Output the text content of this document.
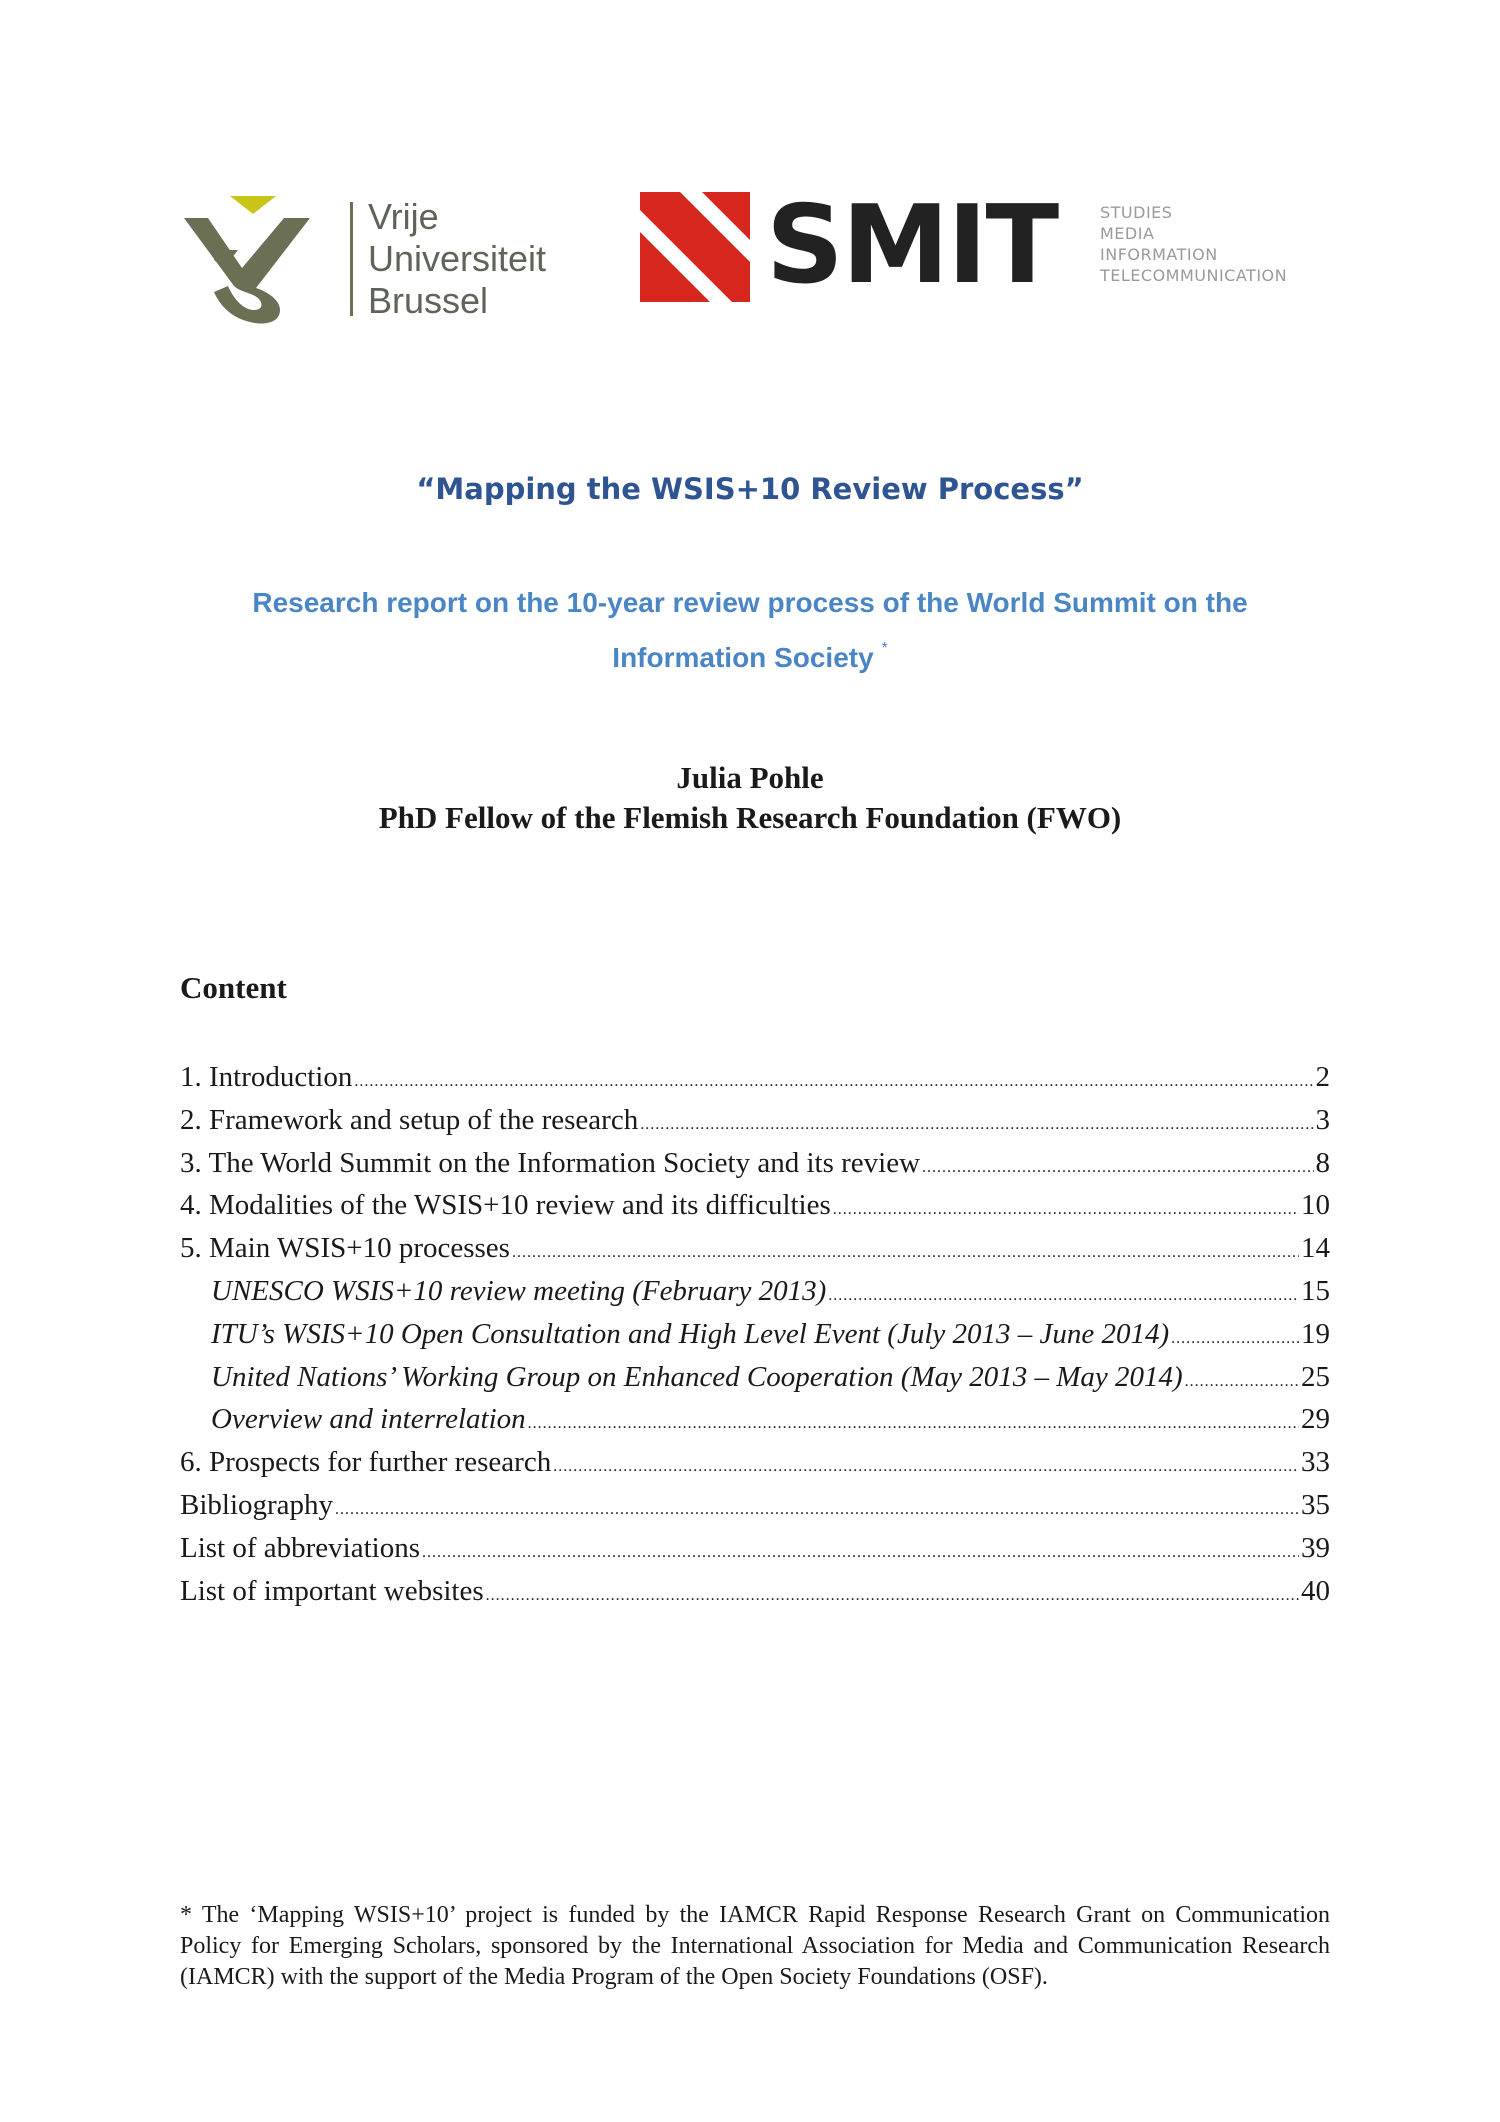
Vrije
Universiteit
Brussel	SMIT	STUDIES
MEDIA
INFORMATION
TELECOMMUNICATION
“Mapping the WSIS+10 Review Process”
Research report on the 10-year review process of the World Summit on the
Information Society *
Julia Pohle
PhD Fellow of the Flemish Research Foundation (FWO)
Content
1. Introduction .....	2
2. Framework and setup of the research .....	3
3. The World Summit on the Information Society and its review .....	8
4. Modalities of the WSIS+10 review and its difficulties .....	10
5. Main WSIS+10 processes .....	14
UNESCO WSIS+10 review meeting (February 2013) .....	15
ITU’s WSIS+10 Open Consultation and High Level Event (July 2013 – June 2014) .....	19
United Nations’ Working Group on Enhanced Cooperation (May 2013 – May 2014) .....	25
Overview and interrelation .....	29
6. Prospects for further research .....	33
Bibliography .....	35
List of abbreviations .....	39
List of important websites .....	40
* The ‘Mapping WSIS+10’ project is funded by the IAMCR Rapid Response Research Grant on Communication Policy for Emerging Scholars, sponsored by the International Association for Media and Communication Research (IAMCR) with the support of the Media Program of the Open Society Foundations (OSF).
